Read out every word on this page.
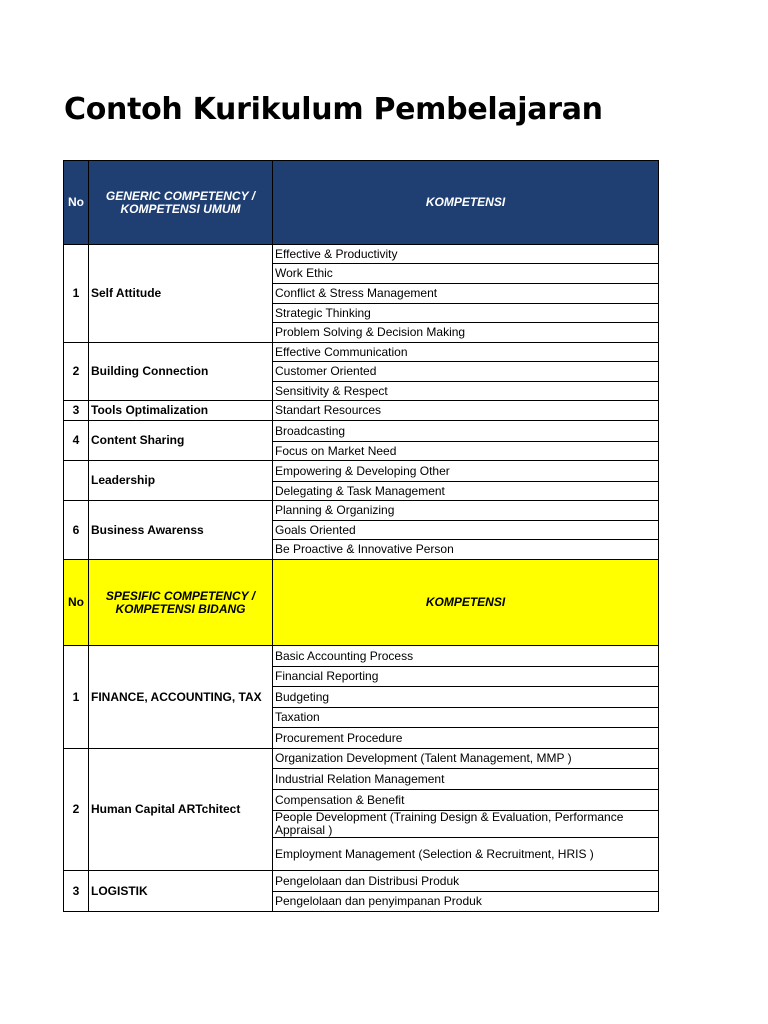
Contoh Kurikulum Pembelajaran
No	GENERIC COMPETENCY / KOMPETENSI UMUM	KOMPETENSI
1	Self Attitude	Effective & Productivity
		Work Ethic
		Conflict & Stress Management
		Strategic Thinking
		Problem Solving & Decision Making
2	Building Connection	Effective Communication
		Customer Oriented
		Sensitivity & Respect
3	Tools Optimalization	Standart Resources
4	Content Sharing	Broadcasting
		Focus on Market Need
	Leadership	Empowering & Developing Other
		Delegating & Task Management
6	Business Awarenss	Planning & Organizing
		Goals Oriented
		Be Proactive & Innovative Person
No	SPESIFIC COMPETENCY / KOMPETENSI BIDANG	KOMPETENSI
1	FINANCE, ACCOUNTING, TAX	Basic Accounting Process
		Financial Reporting
		Budgeting
		Taxation
		Procurement Procedure
2	Human Capital ARTchitect	Organization Development (Talent Management, MMP )
		Industrial Relation Management
		Compensation & Benefit
		People Development (Training Design & Evaluation, Performance Appraisal )
		Employment Management (Selection & Recruitment, HRIS )
3	LOGISTIK	Pengelolaan dan Distribusi Produk
		Pengelolaan dan penyimpanan Produk
